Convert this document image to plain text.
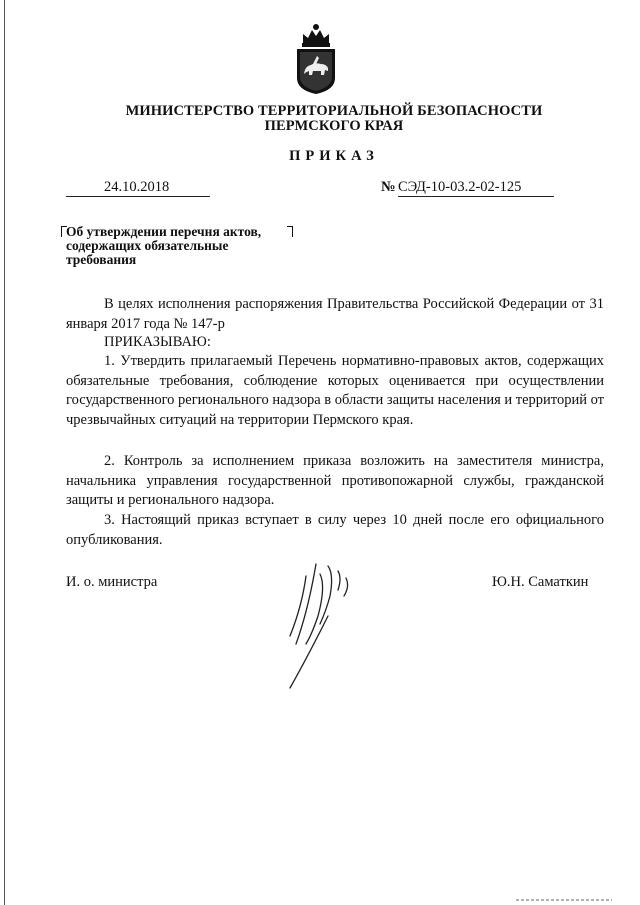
МИНИСТЕРСТВО ТЕРРИТОРИАЛЬНОЙ БЕЗОПАСНОСТИ
ПЕРМСКОГО КРАЯ
ПРИКАЗ
24.10.2018	№ СЭД-10-03.2-02-125
Об утверждении перечня актов,
содержащих обязательные
требования
В целях исполнения распоряжения Правительства Российской Федерации от 31 января 2017 года № 147-р
ПРИКАЗЫВАЮ:
1. Утвердить прилагаемый Перечень нормативно-правовых актов, содержащих обязательные требования, соблюдение которых оценивается при осуществлении государственного регионального надзора в области защиты населения и территорий от чрезвычайных ситуаций на территории Пермского края.
2. Контроль за исполнением приказа возложить на заместителя министра, начальника управления государственной противопожарной службы, гражданской защиты и регионального надзора.
3. Настоящий приказ вступает в силу через 10 дней после его официального опубликования.
И. о. министра	Ю.Н. Саматкин
